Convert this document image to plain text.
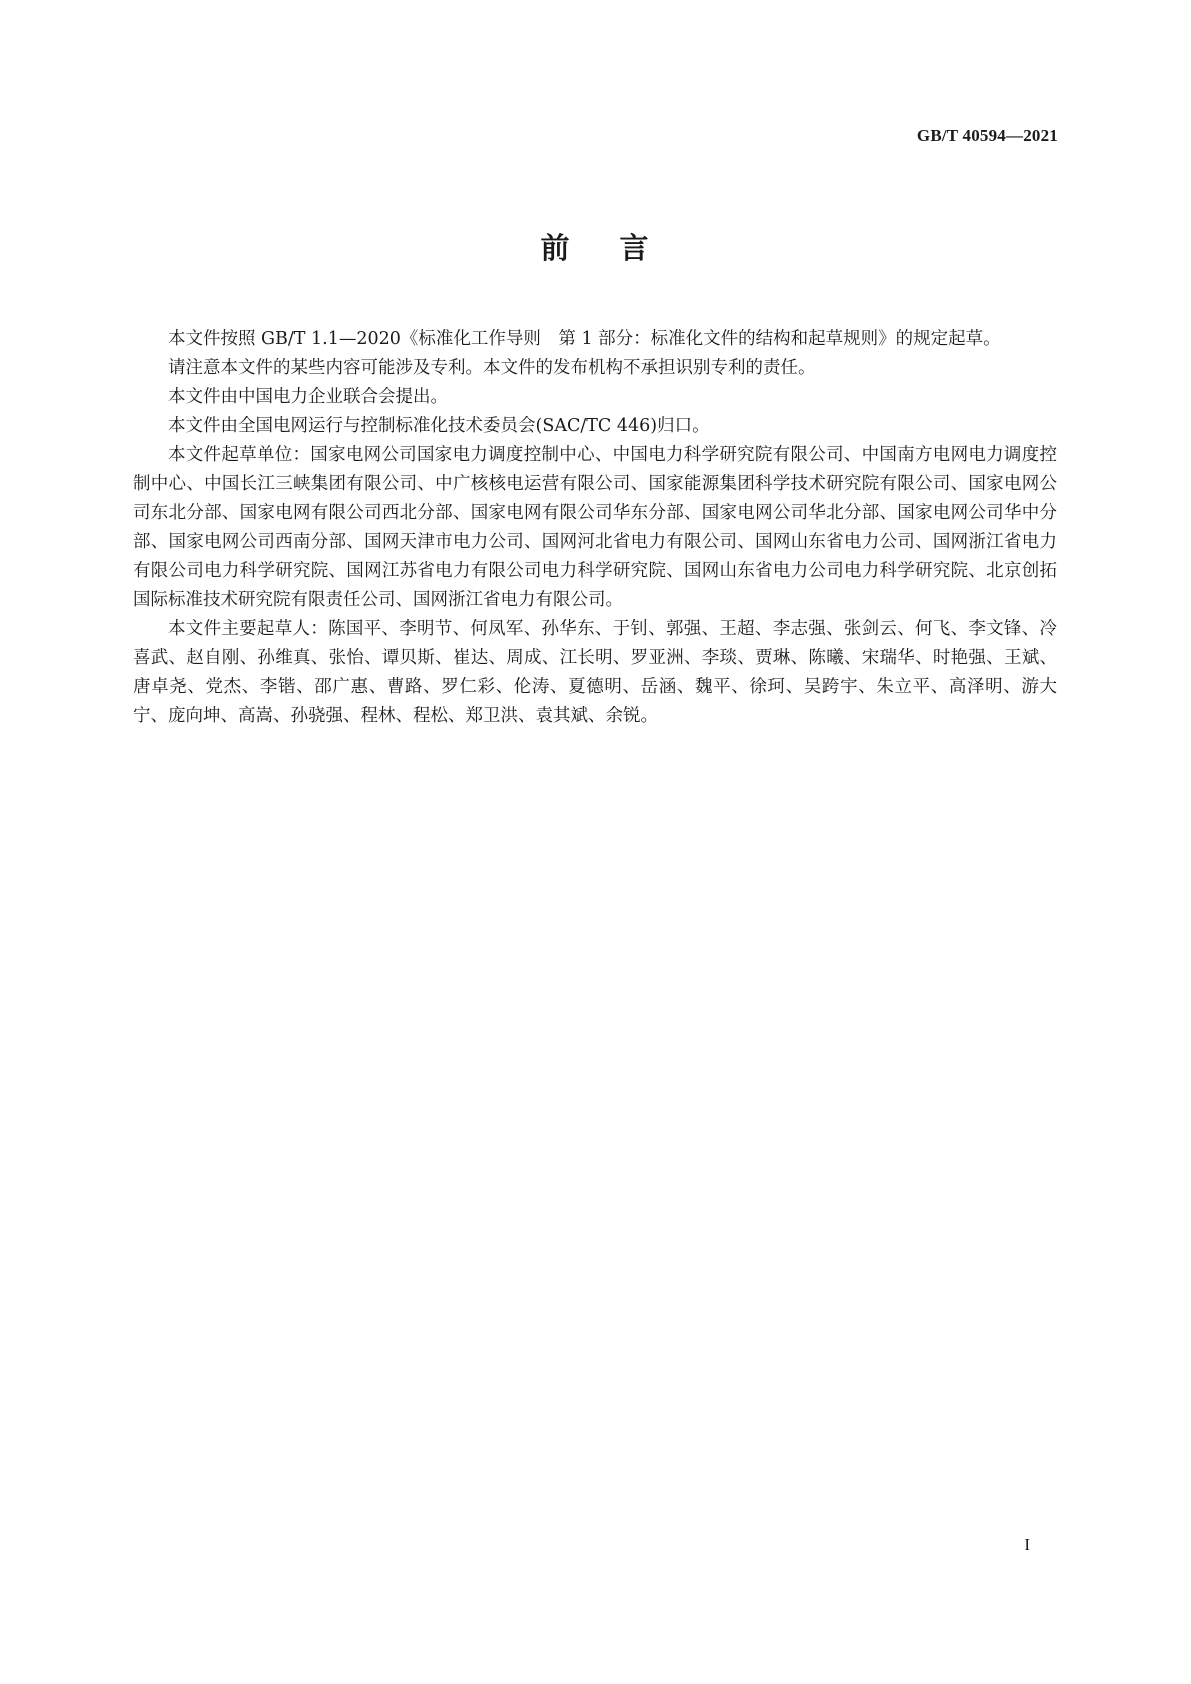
GB/T 40594—2021
前 言

本文件按照 GB/T 1.1—2020《标准化工作导则　第 1 部分：标准化文件的结构和起草规则》的规定起草。

请注意本文件的某些内容可能涉及专利。本文件的发布机构不承担识别专利的责任。

本文件由中国电力企业联合会提出。

本文件由全国电网运行与控制标准化技术委员会(SAC/TC 446)归口。

本文件起草单位：国家电网公司国家电力调度控制中心、中国电力科学研究院有限公司、中国南方电网电力调度控制中心、中国长江三峡集团有限公司、中广核核电运营有限公司、国家能源集团科学技术研究院有限公司、国家电网公司东北分部、国家电网有限公司西北分部、国家电网有限公司华东分部、国家电网公司华北分部、国家电网公司华中分部、国家电网公司西南分部、国网天津市电力公司、国网河北省电力有限公司、国网山东省电力公司、国网浙江省电力有限公司电力科学研究院、国网江苏省电力有限公司电力科学研究院、国网山东省电力公司电力科学研究院、北京创拓国际标准技术研究院有限责任公司、国网浙江省电力有限公司。

本文件主要起草人：陈国平、李明节、何凤军、孙华东、于钊、郭强、王超、李志强、张剑云、何飞、李文锋、冷喜武、赵自刚、孙维真、张怡、谭贝斯、崔达、周成、江长明、罗亚洲、李琰、贾琳、陈曦、宋瑞华、时艳强、王斌、唐卓尧、党杰、李锴、邵广惠、曹路、罗仁彩、伦涛、夏德明、岳涵、魏平、徐珂、吴跨宇、朱立平、高泽明、游大宁、庞向坤、高嵩、孙骁强、程林、程松、郑卫洪、袁其斌、余锐。

I
